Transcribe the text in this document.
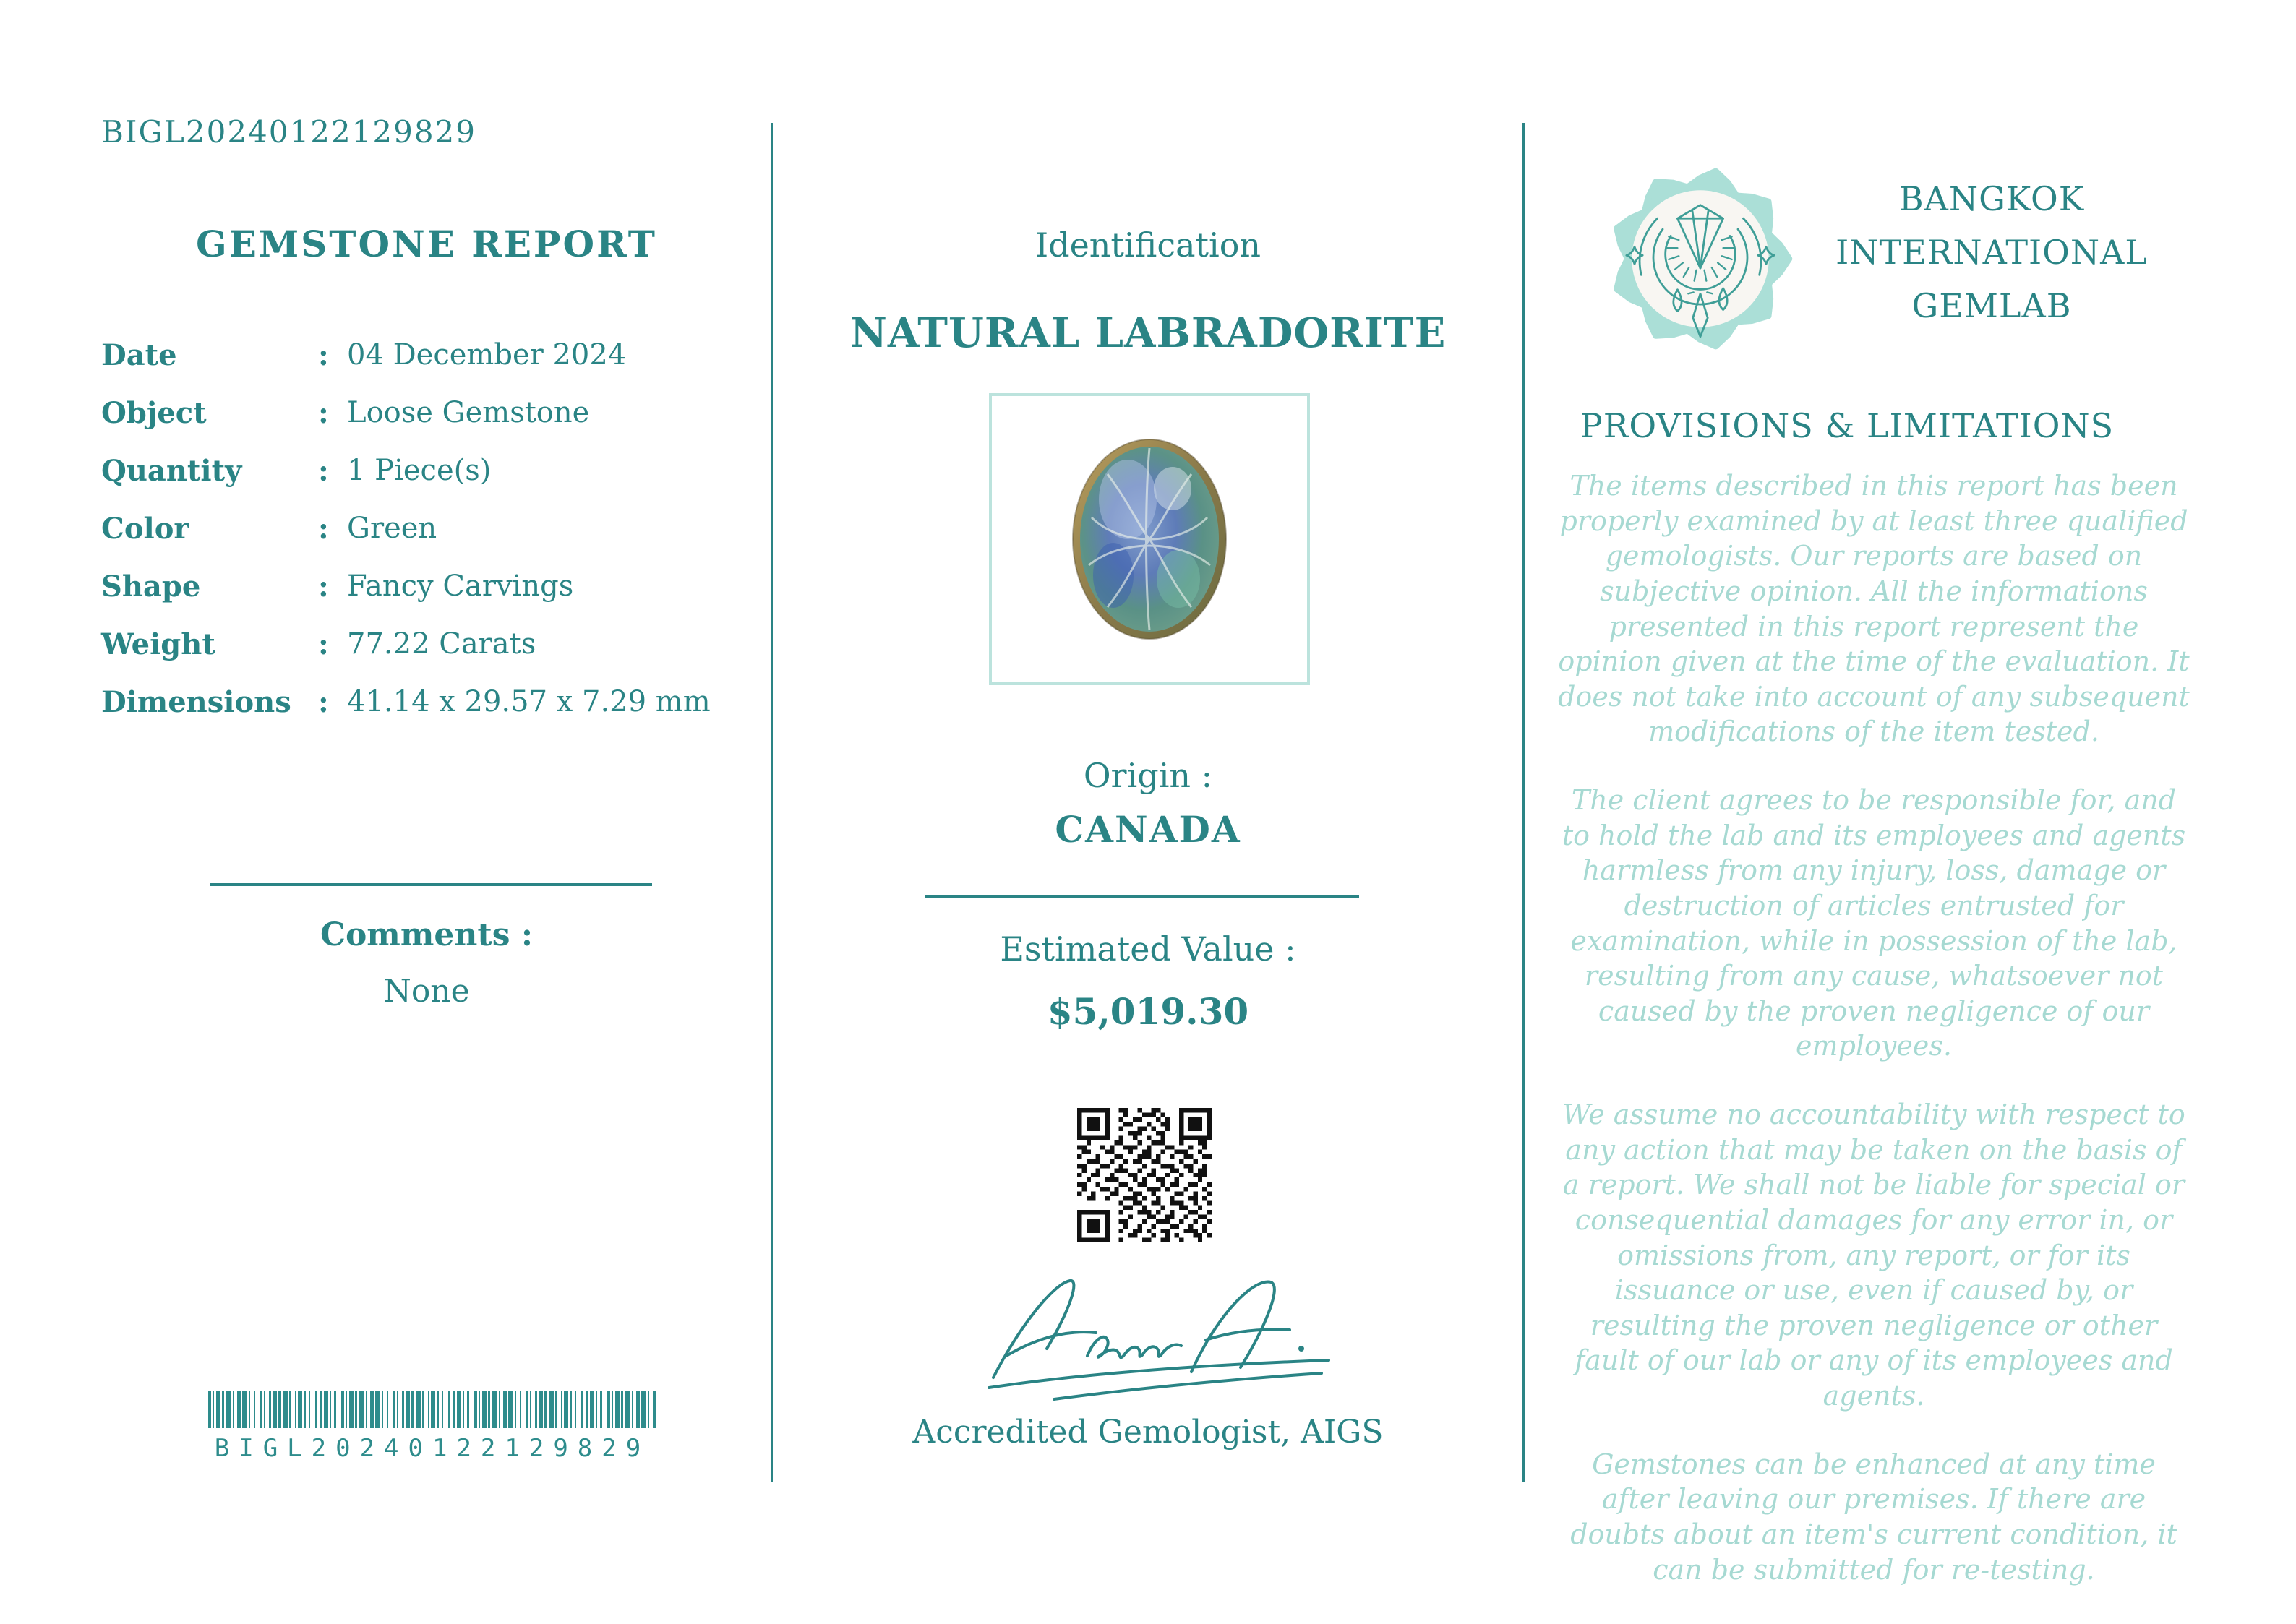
BIGL20240122129829
GEMSTONE REPORT
Date	: 04 December 2024
Object	: Loose Gemstone
Quantity	: 1 Piece(s)
Color	: Green
Shape	: Fancy Carvings
Weight	: 77.22 Carats
Dimensions : 41.14 x 29.57 x 7.29 mm
Comments :
None
BIGL20240122129829
Identification
NATURAL LABRADORITE
Origin :
CANADA
Estimated Value :
$5,019.30
Accredited Gemologist, AIGS
BANGKOK
INTERNATIONAL
GEMLAB
PROVISIONS & LIMITATIONS

The items described in this report has been properly examined by at least three qualified gemologists. Our reports are based on subjective opinion. All the informations presented in this report represent the opinion given at the time of the evaluation. It does not take into account of any subsequent modifications of the item tested.

The client agrees to be responsible for, and to hold the lab and its employees and agents harmless from any injury, loss, damage or destruction of articles entrusted for examination, while in possession of the lab, resulting from any cause, whatsoever not caused by the proven negligence of our employees.

We assume no accountability with respect to any action that may be taken on the basis of a report. We shall not be liable for special or consequential damages for any error in, or omissions from, any report, or for its issuance or use, even if caused by, or resulting the proven negligence or other fault of our lab or any of its employees and agents.

Gemstones can be enhanced at any time after leaving our premises. If there are doubts about an item's current condition, it can be submitted for re-testing.
